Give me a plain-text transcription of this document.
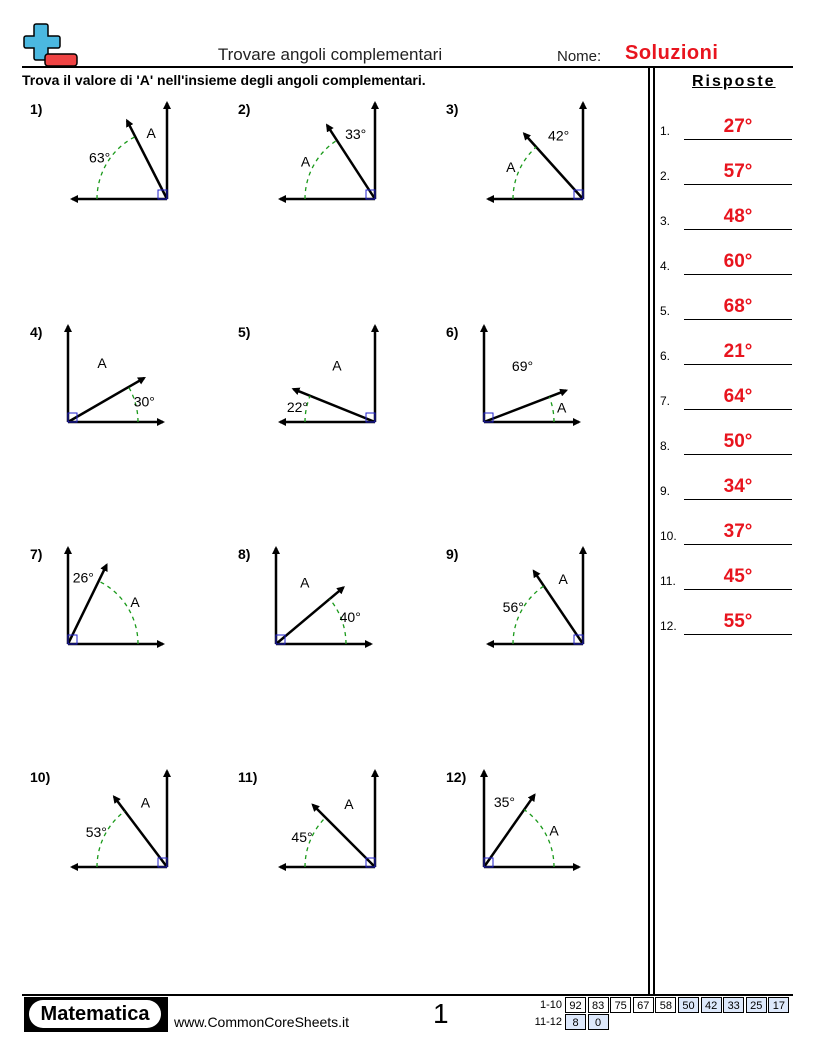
Trovare angoli complementari	Nome: Soluzioni
Trova il valore di 'A' nell'insieme degli angoli complementari.	Risposte
1.	27°
2.	57°
3.	48°
4.	60°
5.	68°
6.	21°
7.	64°
8.	50°
9.	34°
10.	37°
11.	45°
12.	55°
63°
A
1)
A
33°
2)
A
42°
3)
30°
A
4)
22°
A
5)
A
69°
6)
A
26°
7)
40°
A
8)
56°
A
9)
53°
A
10)
45°
A
11)
A
35°
12)
Matematica	www.CommonCoreSheets.it	1	1-10 92 83 75 67 58 50 42 33 25 17
11-12 8	0
